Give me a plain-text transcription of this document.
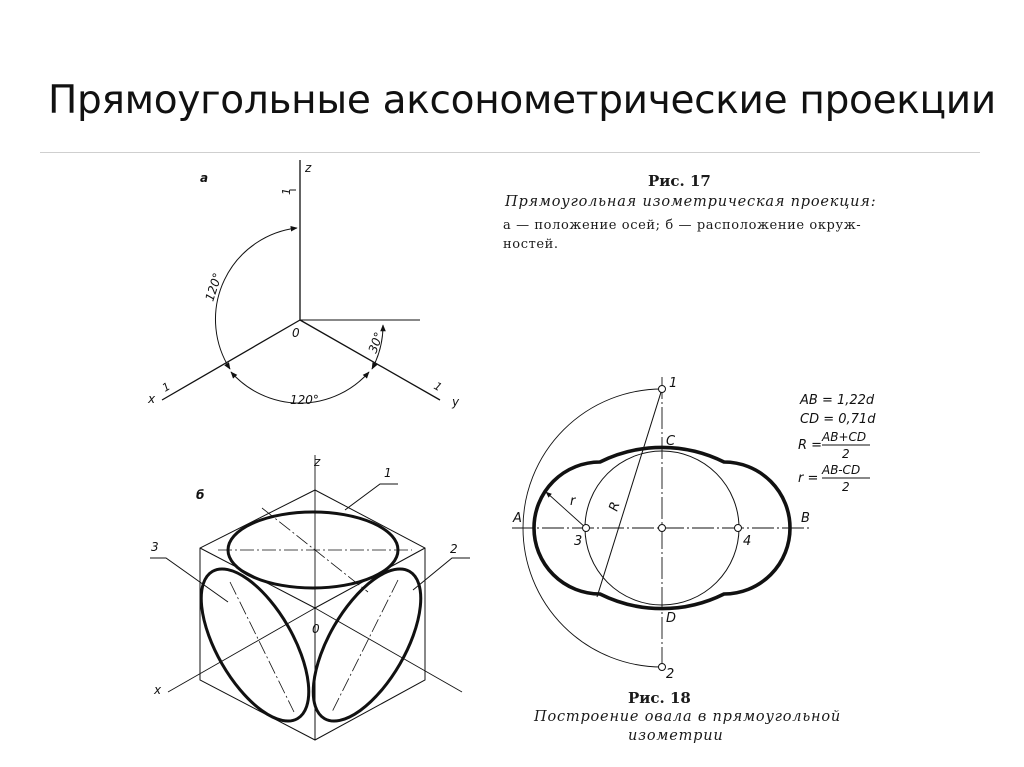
Прямоугольные аксонометрические проекции
Рис. 17
Прямоугольная изометрическая проекция:
а — положение осей; б — расположение окруж-
ностей.
Рис. 18
Построение овала в прямоугольной
изометрии
а
z
x	y
0
1
1	1
120°
120°
30°
б
z
x
0
1
3	2
1
2
3	4
A	B
C
D
R
r
AB = 1,22d
CD = 0,71d
R =
AB+CD
2
r =
AB-CD
2
